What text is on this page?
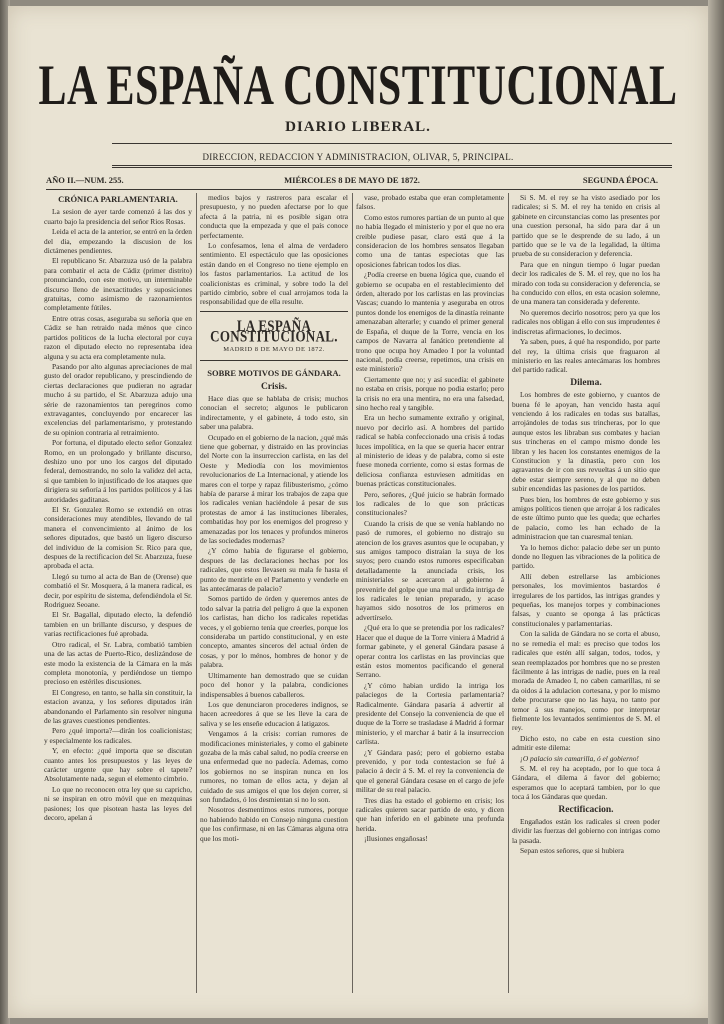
LA ESPAÑA CONSTITUCIONAL
DIARIO LIBERAL.
DIRECCION, REDACCION Y ADMINISTRACION, OLIVAR, 5, PRINCIPAL.
AÑO II.—NUM. 255.	MIÉRCOLES 8 DE MAYO DE 1872.	SEGUNDA ÉPOCA.
CRÓNICA PARLAMENTARIA.

La sesion de ayer tarde comenzó á las dos y cuarto bajo la presidencia del señor Rios Rosas.

Leida el acta de la anterior, se entró en la órden del dia, empezando la discusion de los dictámenes pendientes.

El republicano Sr. Abarzuza usó de la palabra para combatir el acta de Cádiz (primer distrito) pronunciando, con este motivo, un interminable discurso lleno de inexactitudes y suposiciones gratuitas, como asimismo de razonamientos completamente fútiles.

Entre otras cosas, aseguraba su señoría que en Cádiz se han retraido nada ménos que cinco partidos políticos de la lucha electoral por cuya razon el diputado electo no representaba idea alguna y su acta era completamente nula.

Pasando por alto algunas apreciaciones de mal gusto del orador republicano, y prescindiendo de ciertas declaraciones que pudieran no agradar mucho á su partido, el Sr. Abarzuza adujo una série de razonamientos tan peregrinos como extravagantes, concluyendo por encarecer las excelencias del parlamentarismo, y protestando de su opinion contraria al retraimiento.

Por fortuna, el diputado electo señor Gonzalez Romo, en un prolongado y brillante discurso, deshizo uno por uno los cargos del diputado federal, demostrando, no solo la validez del acta, si que tambien lo injustificado de los ataques que dirigiera su señoría á los partidos políticos y á las autoridades gaditanas.

El Sr. Gonzalez Romo se extendió en otras consideraciones muy atendibles, llevando de tal manera el convencimiento al ánimo de los señores diputados, que bastó un ligero discurso del individuo de la comision Sr. Rico para que, despues de la rectificacion del Sr. Abarzuza, fuese aprobada el acta.

Llegó su turno al acta de Ban de (Orense) que combatió el Sr. Mosquera, á la manera radical, es decir, por espíritu de sistema, defendiéndola el Sr. Rodriguez Seoane.

El Sr. Bagallal, diputado electo, la defendió tambien en un brillante discurso, y despues de varias rectificaciones fué aprobada.

Otro radical, el Sr. Labra, combatió tambien una de las actas de Puerto-Rico, deslizándose de este modo la existencia de la Cámara en la más completa monotonía, y perdiéndose un tiempo precioso en estériles discusiones.

El Congreso, en tanto, se halla sin constituir, la estacion avanza, y los señores diputados irán abandonando el Parlamento sin resolver ninguna de las graves cuestiones pendientes.

Pero ¿qué importa?—dirán los coalicionistas; y especialmente los radicales.

Y, en efecto: ¿qué importa que se discutan cuanto antes los presupuestos y las leyes de carácter urgente que hay sobre el tapete? Absolutamente nada, segun el elemento cimbrio.

Lo que no reconocen otra ley que su capricho, ni se inspiran en otro móvil que en mezquinas pasiones; los que pisotean hasta las leyes del decoro, apelan á

medios bajos y rastreros para escalar el presupuesto, y no pueden afectarse por lo que afecta á la patria, ni es posible sigan otra conducta que la empezada y que el país conoce perfectamente.

Lo confesamos, lena el alma de verdadero sentimiento. El espectáculo que las oposiciones están dando en el Congreso no tiene ejemplo en los fastos parlamentarios. La actitud de los coalicionistas es criminal, y sobre todo la del partido cimbrio, sobre el cual arrojamos toda la responsabilidad que de ella resulte.

LA ESPAÑA CONSTITUCIONAL.
MADRID 8 DE MAYO DE 1872.
SOBRE MOTIVOS DE GÁNDARA.
Crisis.

Hace dias que se hablaba de crisis; muchos conocian el secreto; algunos le publicaron indirectamente, y el gabinete, á todo esto, sin saber una palabra.

Ocupado en el gobierno de la nacion, ¿qué más tiene que gobernar, y distraido en las provincias del Norte con la insurreccion carlista, en las del Oeste y Mediodía con los movimientos revolucionarios de La Internacional, y atiende los mares con el torpe y rapaz filibusterismo, ¿cómo había de pararse á mirar los trabajos de zapa que los radicales venian haciéndole á pesar de sus protestas de amor á las instituciones liberales, combatidas hoy por los enemigos del progreso y amenazadas por los tenaces y profundos mineros de las sociedades modernas?

¿Y cómo había de figurarse el gobierno, despues de las declaraciones hechas por los radicales, que estos llevasen su mala fe hasta el punto de mentirle en el Parlamento y venderle en las antecámaras de palacio?

Somos partido de órden y queremos antes de todo salvar la patria del peligro á que la exponen los carlistas, han dicho los radicales repetidas veces, y el gobierno tenía que creerles, porque los consideraba un partido constitucional, y en este concepto, amantes sinceros del actual órden de cosas, y por lo ménos, hombres de honor y de palabra.

Ultimamente han demostrado que se cuidan poco del honor y la palabra, condiciones indispensables á buenos caballeros.

Los que denunciaron procederes indignos, se hacen acreedores á que se les lleve la cara de saliva y se les enseñe educacion á latigazos.

Vengamos á la crisis: corrian rumores de modificaciones ministeriales, y como el gabinete gozaba de la más cabal salud, no podía creerse en una enfermedad que no padecía. Ademas, como los gobiernos no se inspiran nunca en los rumores, no toman de ellos acta, y dejan al cuidado de sus amigos el que los dejen correr, si son fundados, ó los desmientan si no lo son.

Nosotros desmentimos estos rumores, porque no habiendo habido en Consejo ninguna cuestion que los confirmase, ni en las Cámaras alguna otra que los moti-

vase, probado estaba que eran completamente falsos.

Como estos rumores partian de un punto al que no había llegado el ministerio y por el que no era creible pudiese pasar, claro está que á la consideracion de los hombres sensatos llegaban como una de tantas especiotas que las oposiciones fabrican todos los dias.

¿Podía creerse en buena lógica que, cuando el gobierno se ocupaba en el restablecimiento del órden, alterado por los carlistas en las provincias Vascas; cuando lo mantenia y aseguraba en otros puntos donde los enemigos de la dinastía reinante amenazaban alterarle; y cuando el primer general de España, el duque de la Torre, vencia en los campos de Navarra al fanático pretendiente al trono que ocupa hoy Amadeo I por la voluntad nacional, podía creerse, repetimos, una crisis en este ministerio?

Ciertamente que no; y así sucedía: el gabinete no estaba en crisis, porque no podia estarlo; pero la crisis no era una mentira, no era una falsedad, sino hecho real y tangible.

Era un hecho sumamente extraño y original, nuevo por decirlo así. A hombres del partido radical se había confeccionado una crisis á todas luces impolítica, en la que se queria hacer entrar al ministerio de ideas y de palabra, como si este fuese moneda corriente, como si estas formas de deliciosa confianza estuviesen admitidas en buenas prácticas constitucionales.

Pero, señores, ¿Qué juicio se habrán formado los radicales de lo que son prácticas constitucionales?

Cuando la crisis de que se venía hablando no pasó de rumores, el gobierno no distrajo su atencion de los graves asuntos que le ocupaban, y sus amigos tampoco distraían la suya de los suyos; pero cuando estos rumores especificaban detalladamente la anunciada crisis, los ministeriales se acercaron al gobierno á prevenirle del golpe que una mal urdida intriga de los radicales le tenian preparado, y acaso hayamos sido nosotros de los primeros en advertírselo.

¿Qué era lo que se pretendia por los radicales? Hacer que el duque de la Torre viniera á Madrid á formar gabinete, y el general Gándara pasase á operar contra los carlistas en las provincias que están estos momentos pacificando el general Serrano.

¿Y cómo habian urdido la intriga los palaciegos de la Cortesia parlamentaria? Radicalmente. Gándara pasaría á advertir al presidente del Consejo la conveniencia de que el duque de la Torre se trasladase á Madrid á formar ministerio, y el marchar á batir á la insurreccion carlista.

¿Y Gándara pasó; pero el gobierno estaba prevenido, y por toda contestacion se fué á palacio á decir á S. M. el rey la conveniencia de que el general Gándara cesase en el cargo de jefe militar de su real palacio.

Tres dias ha estado el gobierno en crisis; los radicales quieren sacar partido de esto, y dicen que han inferido en el gabinete una profunda herida.

¡Ilusiones engañosas!

Si S. M. el rey se ha visto asediado por los radicales; si S. M. el rey ha tenido en crisis al gabinete en circunstancias como las presentes por una cuestion personal, ha sido para dar á un partido que se le desprende de su lado, á un partido que se le va de la legalidad, la última prueba de su consideracion y deferencia.

Para que en ningun tiempo ó lugar puedan decir los radicales de S. M. el rey, que no los ha mirado con toda su consideracion y deferencia, se ha conducido con ellos, en esta ocasion solemne, de una manera tan considerada y deferente.

No queremos decirlo nosotros; pero ya que los radicales nos obligan á ello con sus imprudentes é indiscretas afirmaciones, lo decimos.

Ya saben, pues, á qué ha respondido, por parte del rey, la última crisis que fraguaron al ministerio en las reales antecámaras los hombres del partido radical.

Dilema.

Los hombres de este gobierno, y cuantos de buena fé le apoyan, han vencido hasta aquí venciendo á los radicales en todas sus batallas, arrojándoles de todas sus trincheras, por lo que aunque estos les libraban sus combates y hacian sus trincheras en el campo mismo donde les libran y les hacen los constantes enemigos de la Constitucion y la dinastía, pero con los agravantes de ir con sus revueltas á un sitio que debe estar siempre sereno, y al que no deben subir encendidas las pasiones de los partidos.

Pues bien, los hombres de este gobierno y sus amigos políticos tienen que arrojar á los radicales de este último punto que les queda; que echarles de palacio, como les han echado de la administracion que tan cuaresmal tenian.

Ya lo hemos dicho: palacio debe ser un punto donde no lleguen las vibraciones de la politica de partido.

Allí deben estrellarse las ambiciones personales, los movimientos bastardos é irregulares de los partidos, las intrigas grandes y pequeñas, los manejos torpes y combinaciones falsas, y cuanto se oponga á las prácticas constitucionales y parlamentarias.

Con la salida de Gándara no se corta el abuso, no se remedia el mal: es preciso que todos los radicales que estén allí salgan, todos, todos, y sean reemplazados por hombres que no se presten fácilmente á las intrigas de nadie, pues en la real morada de Amadeo I, no caben camarillas, ni se da oidos á la adulacion cortesana, y por lo mismo debe procurarse que no las haya, no tanto por temor á sus manejos, como por interpretar fielmente los levantados sentimientos de S. M. el rey.

Dicho esto, no cabe en esta cuestion sino admitir este dilema:

¡O palacio sin camarilla, ó el gobierno!

S. M. el rey ha aceptado, por lo que toca á Gándara, el dilema á favor del gobierno; esperamos que lo aceptará tambien, por lo que toca á los Gándaras que quedan.

Rectificacion.

Engañados están los radicales si creen poder dividir las fuerzas del gobierno con intrigas como la pasada.

Sepan estos señores, que si hubiera
